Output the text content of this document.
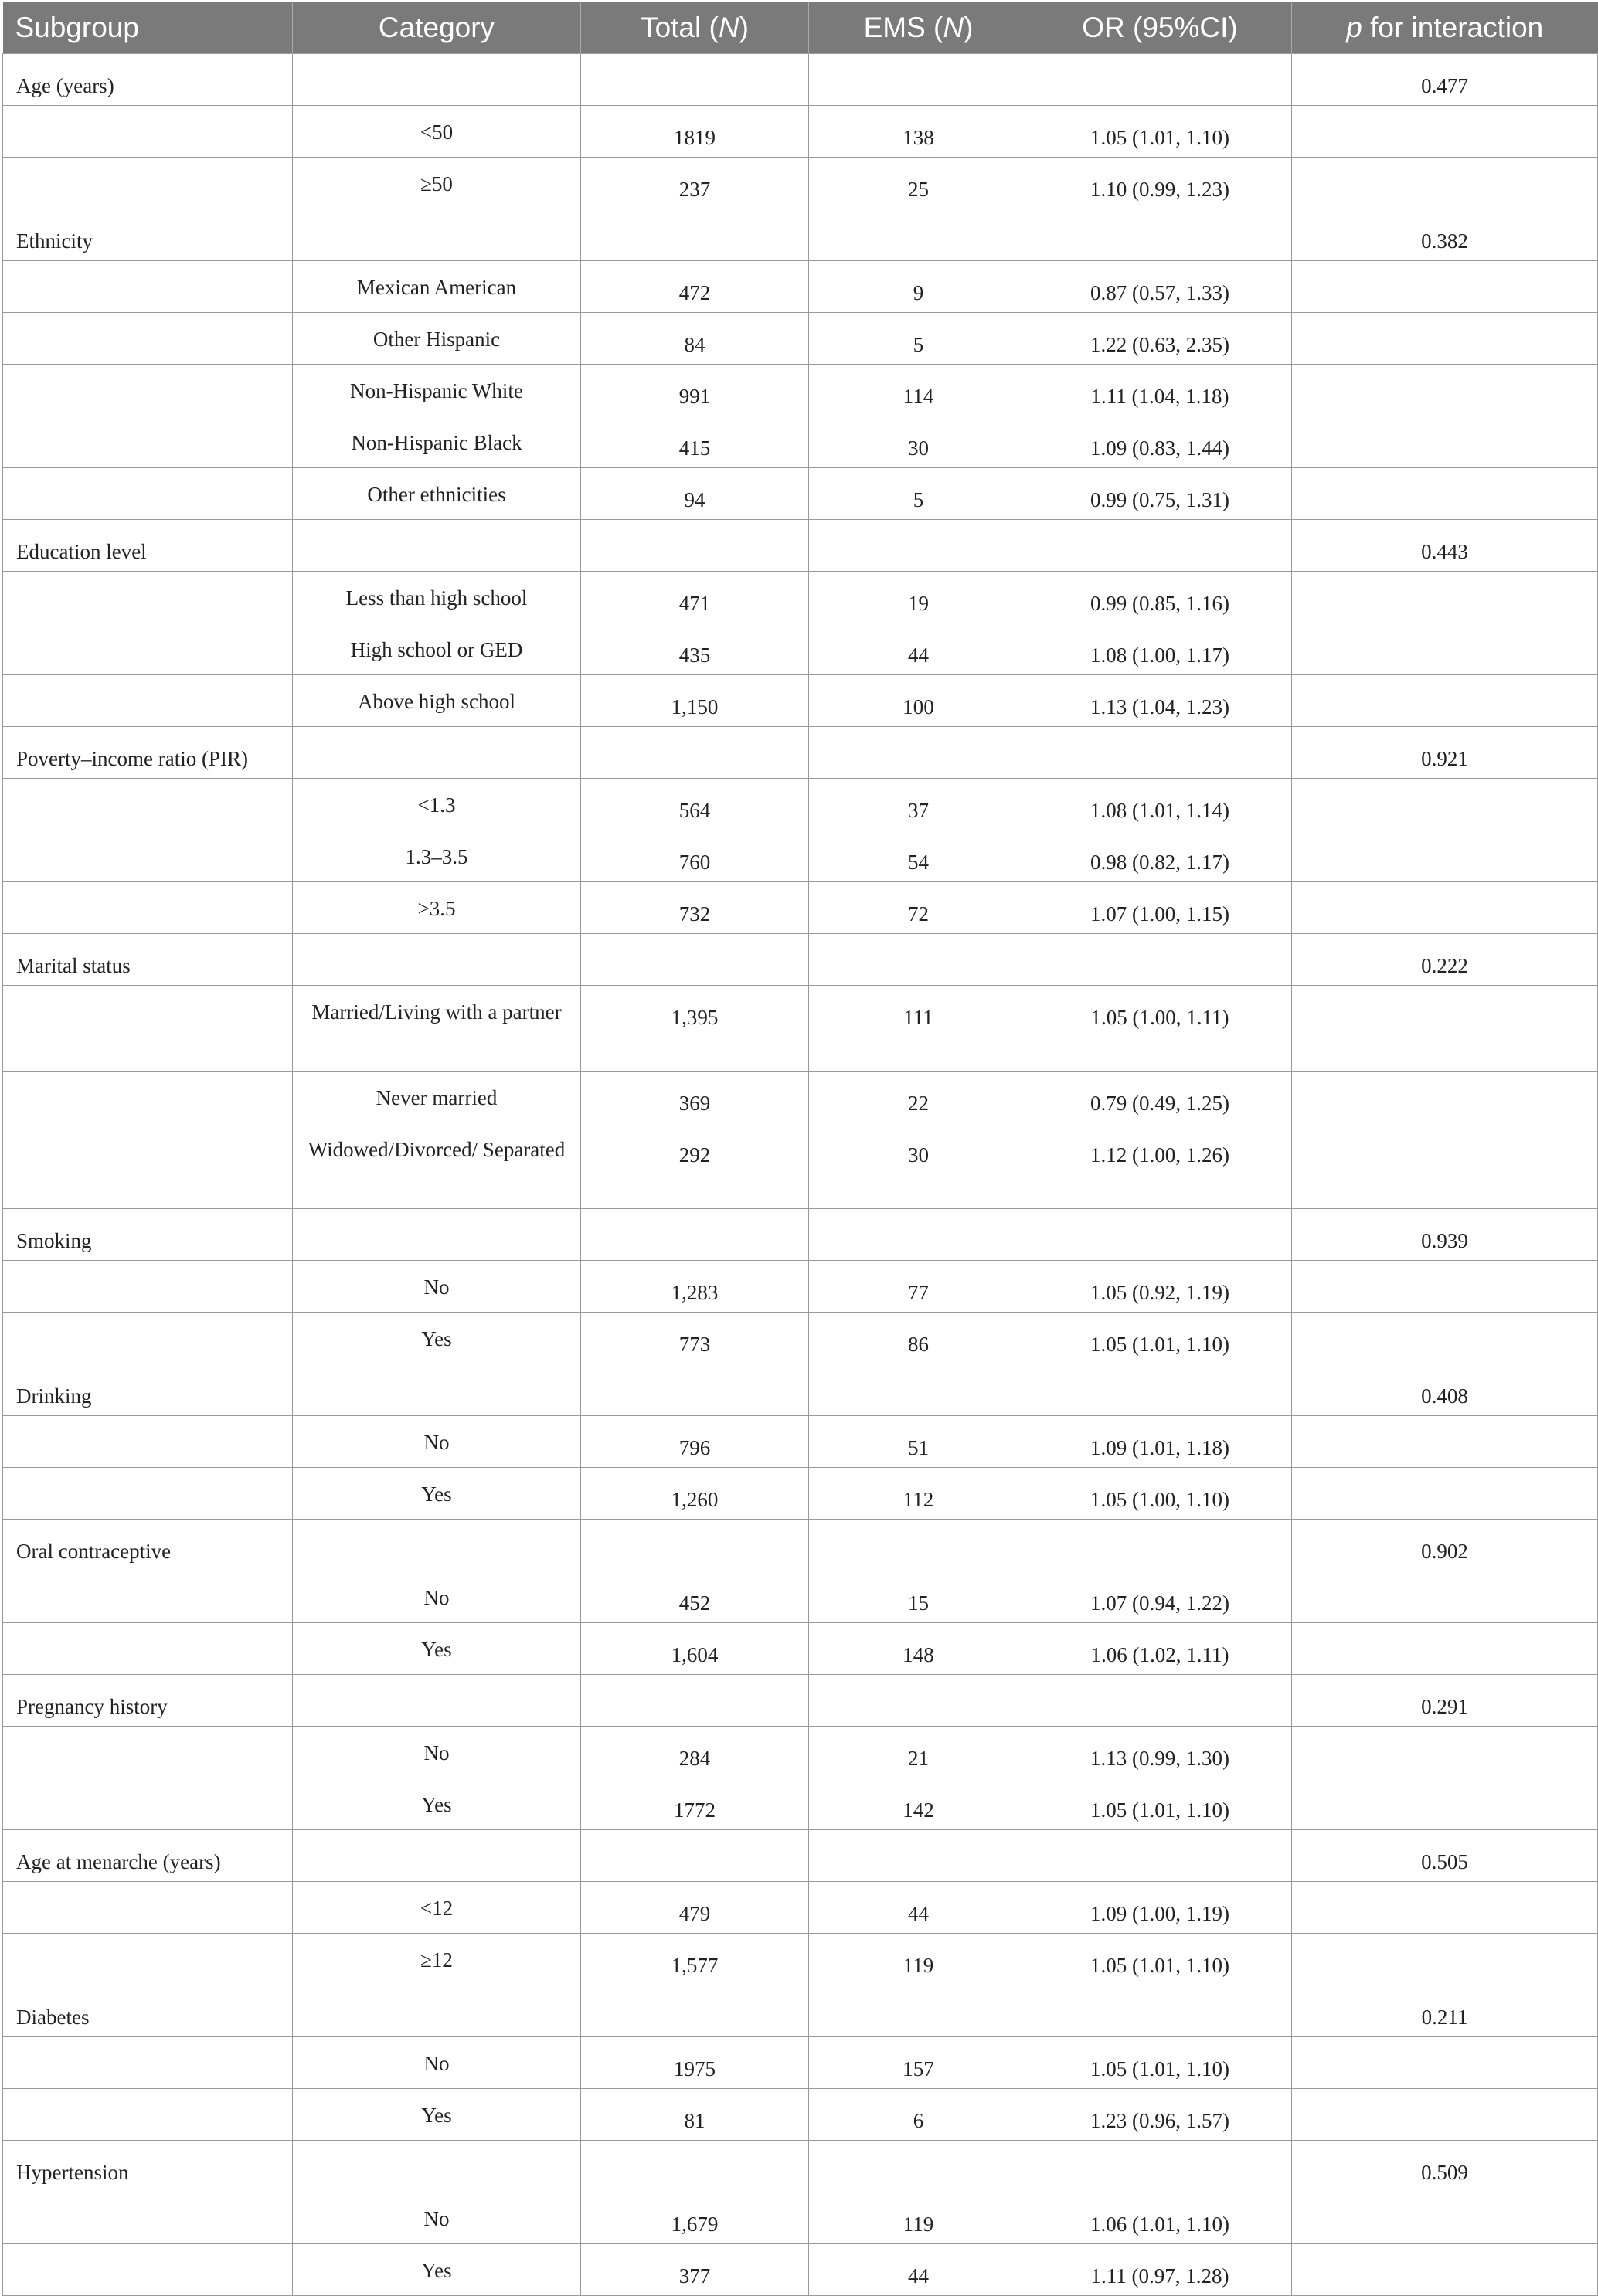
Subgroup	Category	Total (N)	EMS (N)	OR (95%CI)	p for interaction
Age (years)					0.477
	<50	1819	138	1.05 (1.01, 1.10)	
	≥50	237	25	1.10 (0.99, 1.23)	
Ethnicity					0.382
	Mexican American	472	9	0.87 (0.57, 1.33)	
	Other Hispanic	84	5	1.22 (0.63, 2.35)	
	Non-Hispanic White	991	114	1.11 (1.04, 1.18)	
	Non-Hispanic Black	415	30	1.09 (0.83, 1.44)	
	Other ethnicities	94	5	0.99 (0.75, 1.31)	
Education level					0.443
	Less than high school	471	19	0.99 (0.85, 1.16)	
	High school or GED	435	44	1.08 (1.00, 1.17)	
	Above high school	1,150	100	1.13 (1.04, 1.23)	
Poverty–income ratio (PIR)					0.921
	<1.3	564	37	1.08 (1.01, 1.14)	
	1.3–3.5	760	54	0.98 (0.82, 1.17)	
	>3.5	732	72	1.07 (1.00, 1.15)	
Marital status					0.222
	Married/Living with a partner	1,395	111	1.05 (1.00, 1.11)	
	Never married	369	22	0.79 (0.49, 1.25)	
	Widowed/Divorced/ Separated	292	30	1.12 (1.00, 1.26)	
Smoking					0.939
	No	1,283	77	1.05 (0.92, 1.19)	
	Yes	773	86	1.05 (1.01, 1.10)	
Drinking					0.408
	No	796	51	1.09 (1.01, 1.18)	
	Yes	1,260	112	1.05 (1.00, 1.10)	
Oral contraceptive					0.902
	No	452	15	1.07 (0.94, 1.22)	
	Yes	1,604	148	1.06 (1.02, 1.11)	
Pregnancy history					0.291
	No	284	21	1.13 (0.99, 1.30)	
	Yes	1772	142	1.05 (1.01, 1.10)	
Age at menarche (years)					0.505
	<12	479	44	1.09 (1.00, 1.19)	
	≥12	1,577	119	1.05 (1.01, 1.10)	
Diabetes					0.211
	No	1975	157	1.05 (1.01, 1.10)	
	Yes	81	6	1.23 (0.96, 1.57)	
Hypertension					0.509
	No	1,679	119	1.06 (1.01, 1.10)	
	Yes	377	44	1.11 (0.97, 1.28)	
